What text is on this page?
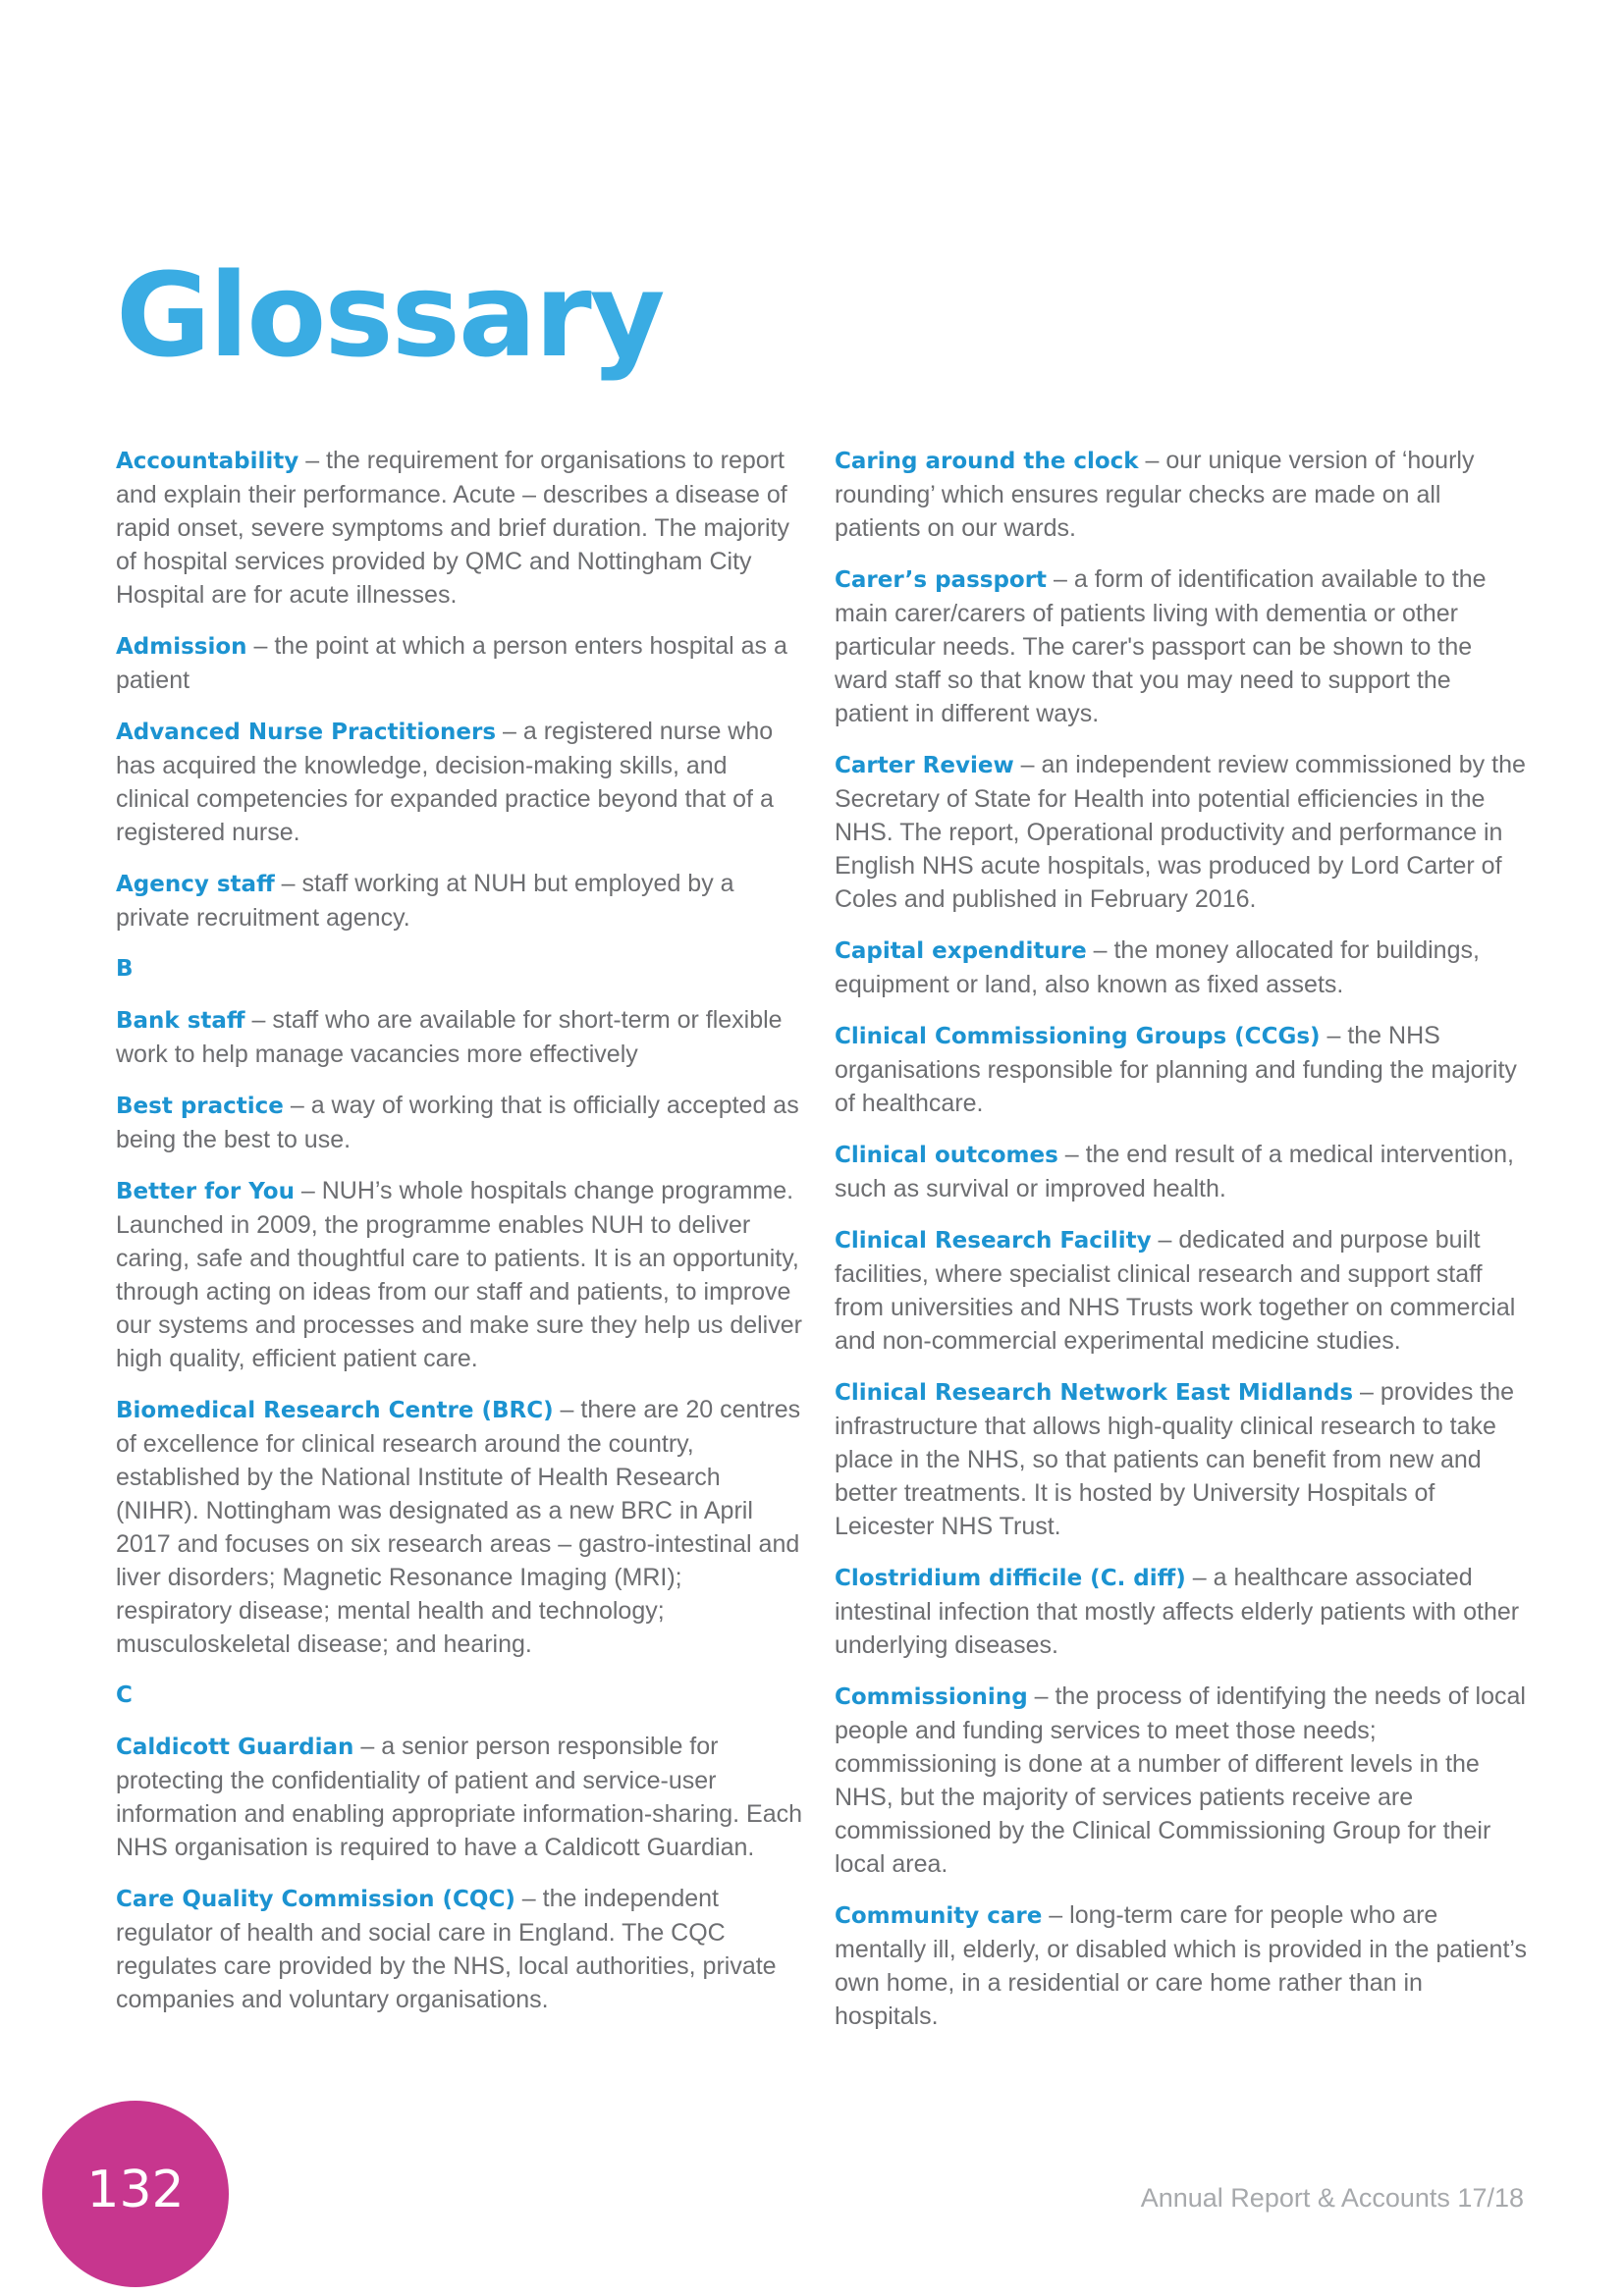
Glossary

Accountability – the requirement for organisations to report and explain their performance. Acute – describes a disease of rapid onset, severe symptoms and brief duration. The majority of hospital services provided by QMC and Nottingham City Hospital are for acute illnesses.

Admission – the point at which a person enters hospital as a patient

Advanced Nurse Practitioners – a registered nurse who has acquired the knowledge, decision-making skills, and clinical competencies for expanded practice beyond that of a registered nurse.

Agency staff – staff working at NUH but employed by a private recruitment agency.

B

Bank staff – staff who are available for short-term or flexible work to help manage vacancies more effectively

Best practice – a way of working that is officially accepted as being the best to use.

Better for You – NUH’s whole hospitals change programme. Launched in 2009, the programme enables NUH to deliver caring, safe and thoughtful care to patients. It is an opportunity, through acting on ideas from our staff and patients, to improve our systems and processes and make sure they help us deliver high quality, efficient patient care.

Biomedical Research Centre (BRC) – there are 20 centres of excellence for clinical research around the country, established by the National Institute of Health Research (NIHR). Nottingham was designated as a new BRC in April 2017 and focuses on six research areas – gastro-intestinal and liver disorders; Magnetic Resonance Imaging (MRI); respiratory disease; mental health and technology; musculoskeletal disease; and hearing.

C

Caldicott Guardian – a senior person responsible for protecting the confidentiality of patient and service-user information and enabling appropriate information-sharing. Each NHS organisation is required to have a Caldicott Guardian.

Care Quality Commission (CQC) – the independent regulator of health and social care in England. The CQC regulates care provided by the NHS, local authorities, private companies and voluntary organisations.

Caring around the clock – our unique version of ‘hourly rounding’ which ensures regular checks are made on all patients on our wards.

Carer’s passport – a form of identification available to the main carer/carers of patients living with dementia or other particular needs. The carer's passport can be shown to the ward staff so that know that you may need to support the patient in different ways.

Carter Review – an independent review commissioned by the Secretary of State for Health into potential efficiencies in the NHS. The report, Operational productivity and performance in English NHS acute hospitals, was produced by Lord Carter of Coles and published in February 2016.

Capital expenditure – the money allocated for buildings, equipment or land, also known as fixed assets.

Clinical Commissioning Groups (CCGs) – the NHS organisations responsible for planning and funding the majority of healthcare.

Clinical outcomes – the end result of a medical intervention, such as survival or improved health.

Clinical Research Facility – dedicated and purpose built facilities, where specialist clinical research and support staff from universities and NHS Trusts work together on commercial and non-commercial experimental medicine studies.

Clinical Research Network East Midlands – provides the infrastructure that allows high-quality clinical research to take place in the NHS, so that patients can benefit from new and better treatments. It is hosted by University Hospitals of Leicester NHS Trust.

Clostridium difficile (C. diff) – a healthcare associated intestinal infection that mostly affects elderly patients with other underlying diseases.

Commissioning – the process of identifying the needs of local people and funding services to meet those needs; commissioning is done at a number of different levels in the NHS, but the majority of services patients receive are commissioned by the Clinical Commissioning Group for their local area.

Community care – long-term care for people who are mentally ill, elderly, or disabled which is provided in the patient’s own home, in a residential or care home rather than in hospitals.

132	Annual Report & Accounts 17/18
